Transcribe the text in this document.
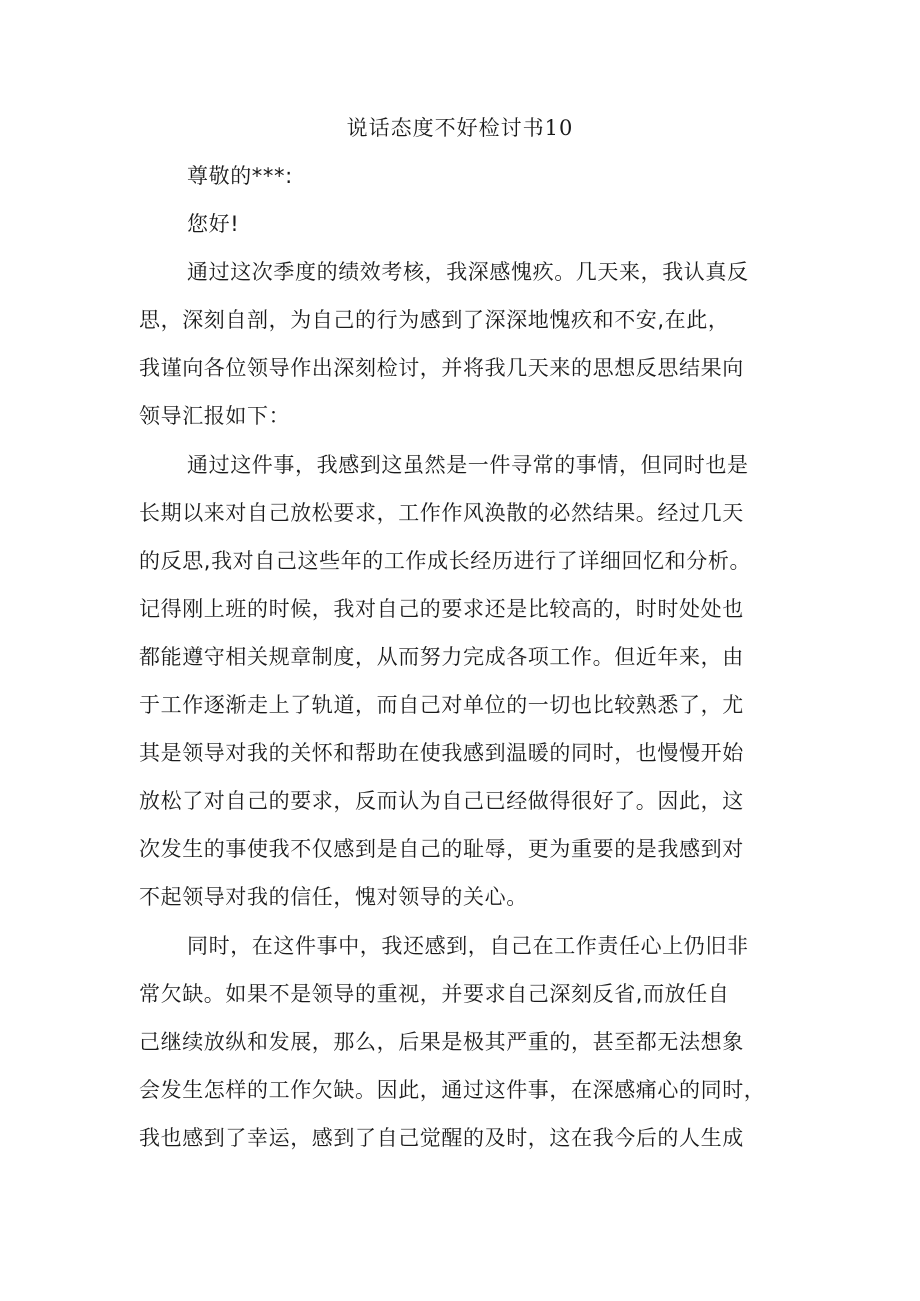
说话态度不好检讨书10
尊敬的***:
您好!
通过这次季度的绩效考核，我深感愧疚。几天来，我认真反
思，深刻自剖，为自己的行为感到了深深地愧疚和不安,在此，
我谨向各位领导作出深刻检讨，并将我几天来的思想反思结果向
领导汇报如下：
通过这件事，我感到这虽然是一件寻常的事情，但同时也是
长期以来对自己放松要求，工作作风涣散的必然结果。经过几天
的反思,我对自己这些年的工作成长经历进行了详细回忆和分析。
记得刚上班的时候，我对自己的要求还是比较高的，时时处处也
都能遵守相关规章制度，从而努力完成各项工作。但近年来，由
于工作逐渐走上了轨道，而自己对单位的一切也比较熟悉了，尤
其是领导对我的关怀和帮助在使我感到温暖的同时，也慢慢开始
放松了对自己的要求，反而认为自己已经做得很好了。因此，这
次发生的事使我不仅感到是自己的耻辱，更为重要的是我感到对
不起领导对我的信任，愧对领导的关心。
同时，在这件事中，我还感到，自己在工作责任心上仍旧非
常欠缺。如果不是领导的重视，并要求自己深刻反省,而放任自
己继续放纵和发展，那么，后果是极其严重的，甚至都无法想象
会发生怎样的工作欠缺。因此，通过这件事，在深感痛心的同时，
我也感到了幸运，感到了自己觉醒的及时，这在我今后的人生成
